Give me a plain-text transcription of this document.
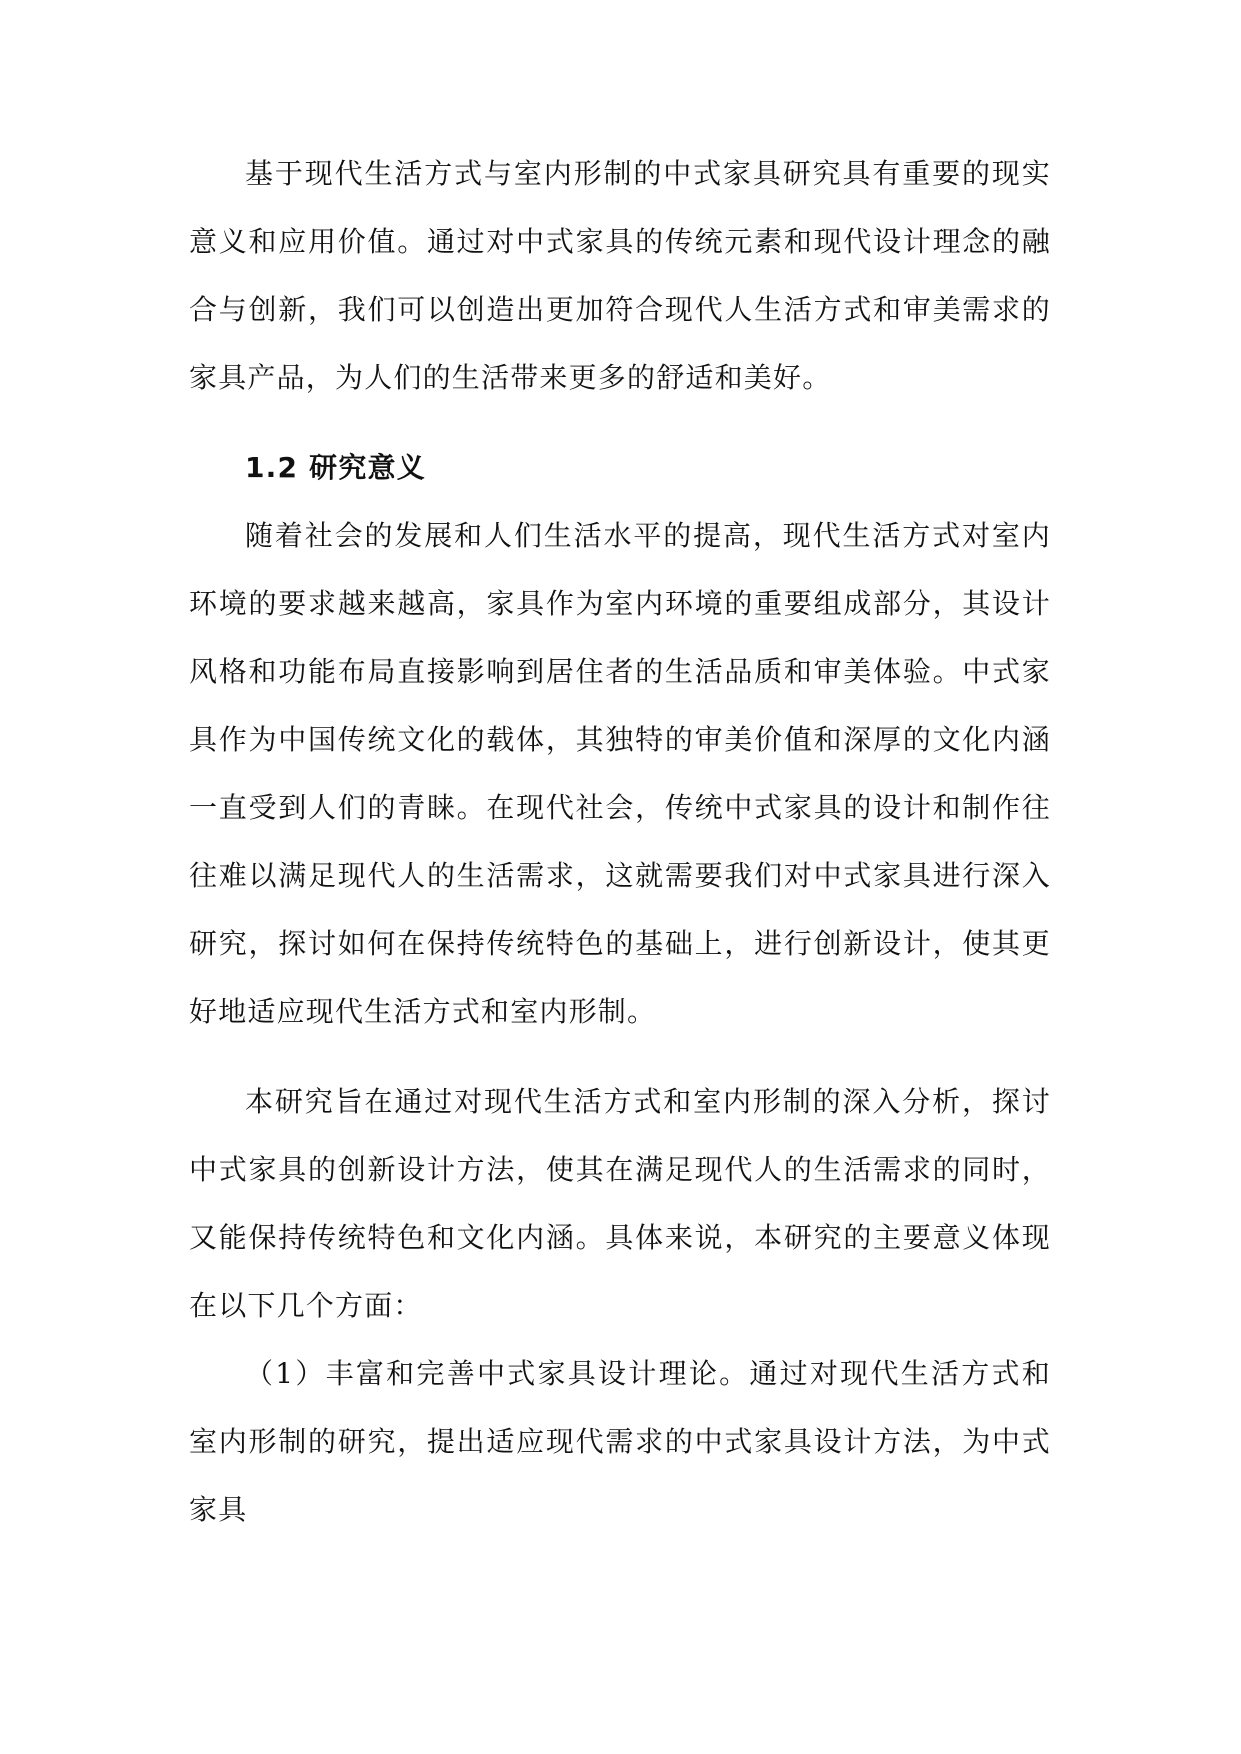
基于现代生活方式与室内形制的中式家具研究具有重要的现实意义和应用价值。通过对中式家具的传统元素和现代设计理念的融合与创新，我们可以创造出更加符合现代人生活方式和审美需求的家具产品，为人们的生活带来更多的舒适和美好。

1.2 研究意义

随着社会的发展和人们生活水平的提高，现代生活方式对室内环境的要求越来越高，家具作为室内环境的重要组成部分，其设计风格和功能布局直接影响到居住者的生活品质和审美体验。中式家具作为中国传统文化的载体，其独特的审美价值和深厚的文化内涵一直受到人们的青睐。在现代社会，传统中式家具的设计和制作往往难以满足现代人的生活需求，这就需要我们对中式家具进行深入研究，探讨如何在保持传统特色的基础上，进行创新设计，使其更好地适应现代生活方式和室内形制。

本研究旨在通过对现代生活方式和室内形制的深入分析，探讨中式家具的创新设计方法，使其在满足现代人的生活需求的同时，又能保持传统特色和文化内涵。具体来说，本研究的主要意义体现在以下几个方面：

（1）丰富和完善中式家具设计理论。通过对现代生活方式和室内形制的研究，提出适应现代需求的中式家具设计方法，为中式家具
